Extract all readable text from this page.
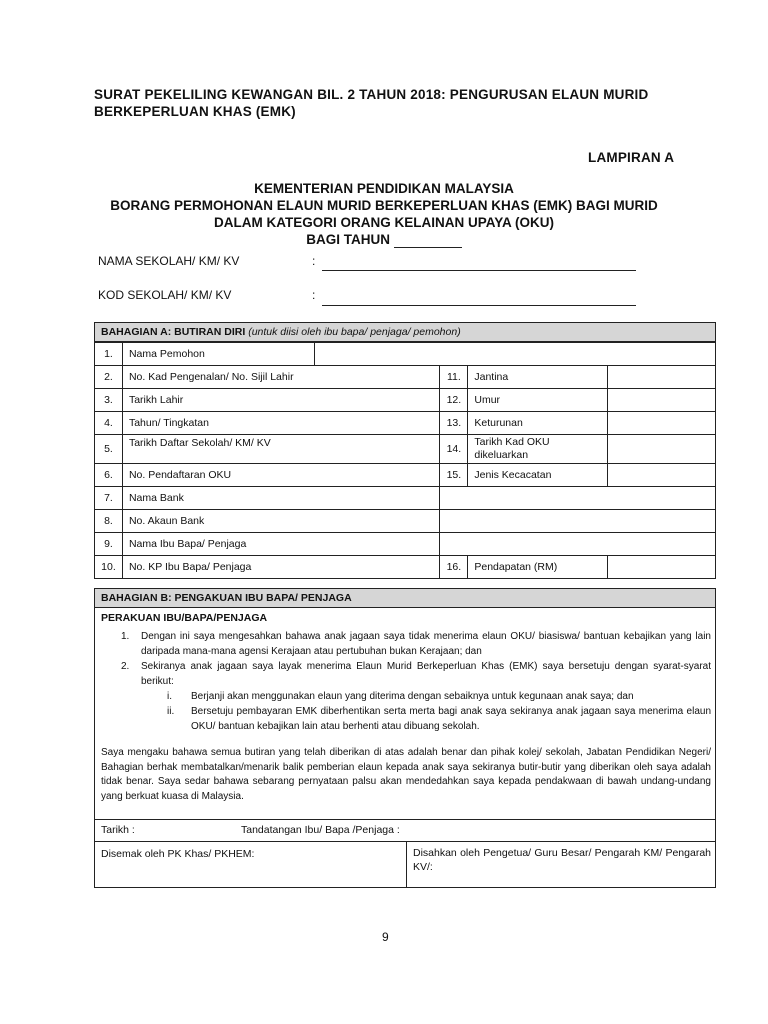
SURAT PEKELILING KEWANGAN BIL. 2 TAHUN 2018: PENGURUSAN ELAUN MURID
BERKEPERLUAN KHAS (EMK)
LAMPIRAN A
KEMENTERIAN PENDIDIKAN MALAYSIA
BORANG PERMOHONAN ELAUN MURID BERKEPERLUAN KHAS (EMK) BAGI MURID
DALAM KATEGORI ORANG KELAINAN UPAYA (OKU)
BAGI TAHUN
NAMA SEKOLAH/ KM/ KV	:
KOD SEKOLAH/ KM/ KV	:
BAHAGIAN A: BUTIRAN DIRI (untuk diisi oleh ibu bapa/ penjaga/ pemohon)
1.	Nama Pemohon				
2.	No. Kad Pengenalan/ No. Sijil Lahir		11.	Jantina	
3.	Tarikh Lahir		12.	Umur	
4.	Tahun/ Tingkatan		13.	Keturunan	
5.	Tarikh Daftar Sekolah/ KM/ KV		14.	Tarikh Kad OKU dikeluarkan	
6.	No. Pendaftaran OKU		15.	Jenis Kecacatan	
7.	Nama Bank				
8.	No. Akaun Bank				
9.	Nama Ibu Bapa/ Penjaga				
10.	No. KP Ibu Bapa/ Penjaga		16.	Pendapatan (RM)	
BAHAGIAN B: PENGAKUAN IBU BAPA/ PENJAGA
PERAKUAN IBU/BAPA/PENJAGA
1. Dengan ini saya mengesahkan bahawa anak jagaan saya tidak menerima elaun OKU/ biasiswa/ bantuan kebajikan yang lain daripada mana-mana agensi Kerajaan atau pertubuhan bukan Kerajaan; dan
2. Sekiranya anak jagaan saya layak menerima Elaun Murid Berkeperluan Khas (EMK) saya bersetuju dengan syarat-syarat berikut:
i. Berjanji akan menggunakan elaun yang diterima dengan sebaiknya untuk kegunaan anak saya; dan
ii. Bersetuju pembayaran EMK diberhentikan serta merta bagi anak saya sekiranya anak jagaan saya menerima elaun OKU/ bantuan kebajikan lain atau berhenti atau dibuang sekolah.
Saya mengaku bahawa semua butiran yang telah diberikan di atas adalah benar dan pihak kolej/ sekolah, Jabatan Pendidikan Negeri/ Bahagian berhak membatalkan/menarik balik pemberian elaun kepada anak saya sekiranya butir-butir yang diberikan oleh saya adalah tidak benar. Saya sedar bahawa sebarang pernyataan palsu akan mendedahkan saya kepada pendakwaan di bawah undang-undang yang berkuat kuasa di Malaysia.
Tarikh :	Tandatangan Ibu/ Bapa /Penjaga :
Disemak oleh PK Khas/ PKHEM:	Disahkan oleh Pengetua/ Guru Besar/ Pengarah KM/ Pengarah KV/:
9
